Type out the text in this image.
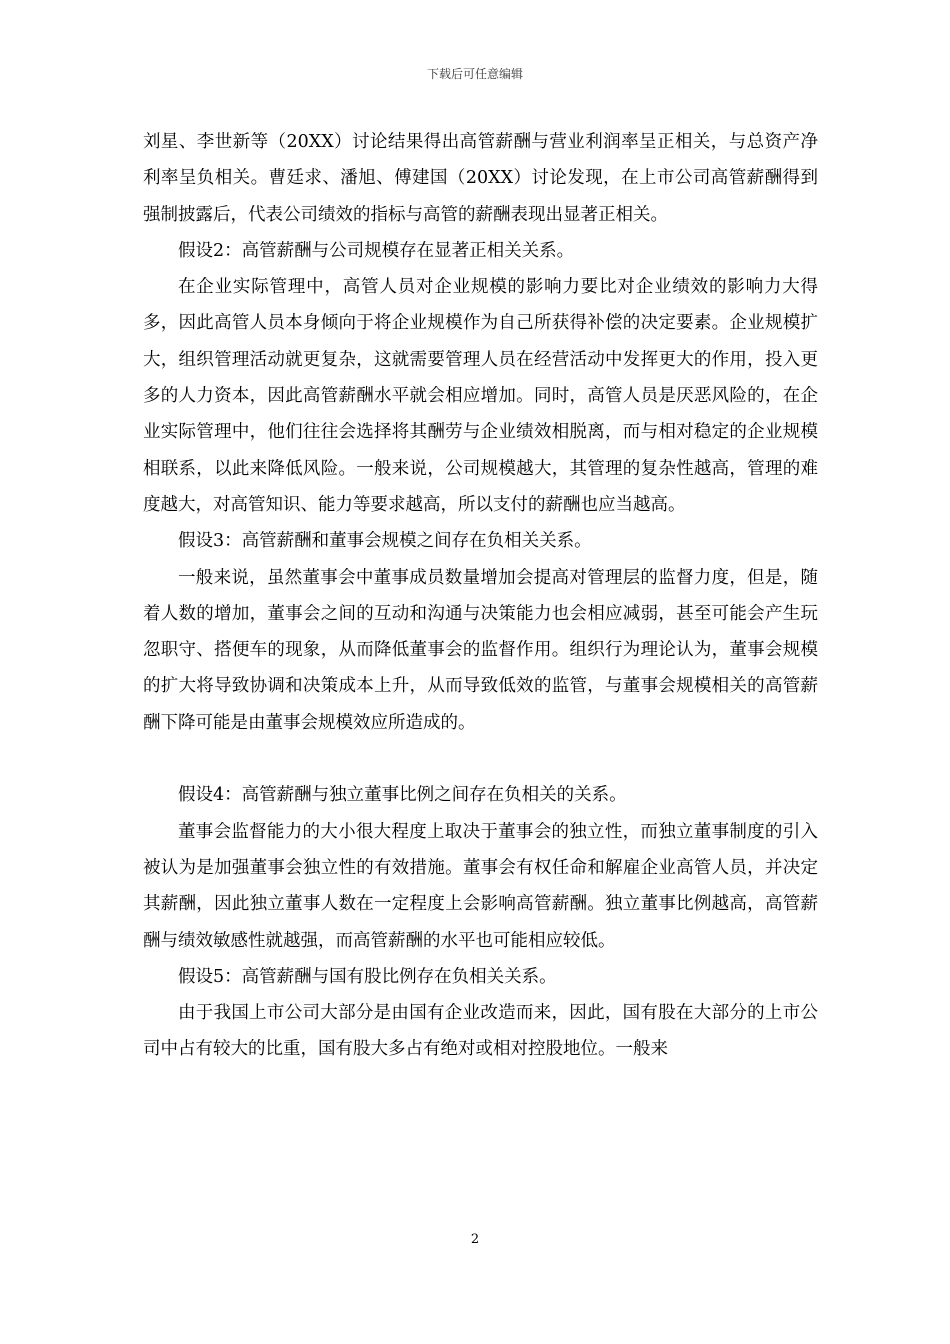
下载后可任意编辑

刘星、李世新等（20XX）讨论结果得出高管薪酬与营业利润率呈正相关，与总资产净利率呈负相关。曹廷求、潘旭、傅建国（20XX）讨论发现，在上市公司高管薪酬得到强制披露后，代表公司绩效的指标与高管的薪酬表现出显著正相关。

假设2：高管薪酬与公司规模存在显著正相关关系。

在企业实际管理中，高管人员对企业规模的影响力要比对企业绩效的影响力大得多，因此高管人员本身倾向于将企业规模作为自己所获得补偿的决定要素。企业规模扩大，组织管理活动就更复杂，这就需要管理人员在经营活动中发挥更大的作用，投入更多的人力资本，因此高管薪酬水平就会相应增加。同时，高管人员是厌恶风险的，在企业实际管理中，他们往往会选择将其酬劳与企业绩效相脱离，而与相对稳定的企业规模相联系，以此来降低风险。一般来说，公司规模越大，其管理的复杂性越高，管理的难度越大，对高管知识、能力等要求越高，所以支付的薪酬也应当越高。

假设3：高管薪酬和董事会规模之间存在负相关关系。

一般来说，虽然董事会中董事成员数量增加会提高对管理层的监督力度，但是，随着人数的增加，董事会之间的互动和沟通与决策能力也会相应减弱，甚至可能会产生玩忽职守、搭便车的现象，从而降低董事会的监督作用。组织行为理论认为，董事会规模的扩大将导致协调和决策成本上升，从而导致低效的监管，与董事会规模相关的高管薪酬下降可能是由董事会规模效应所造成的。

假设4：高管薪酬与独立董事比例之间存在负相关的关系。

董事会监督能力的大小很大程度上取决于董事会的独立性，而独立董事制度的引入被认为是加强董事会独立性的有效措施。董事会有权任命和解雇企业高管人员，并决定其薪酬，因此独立董事人数在一定程度上会影响高管薪酬。独立董事比例越高，高管薪酬与绩效敏感性就越强，而高管薪酬的水平也可能相应较低。

假设5：高管薪酬与国有股比例存在负相关关系。

由于我国上市公司大部分是由国有企业改造而来，因此，国有股在大部分的上市公司中占有较大的比重，国有股大多占有绝对或相对控股地位。一般来

2
